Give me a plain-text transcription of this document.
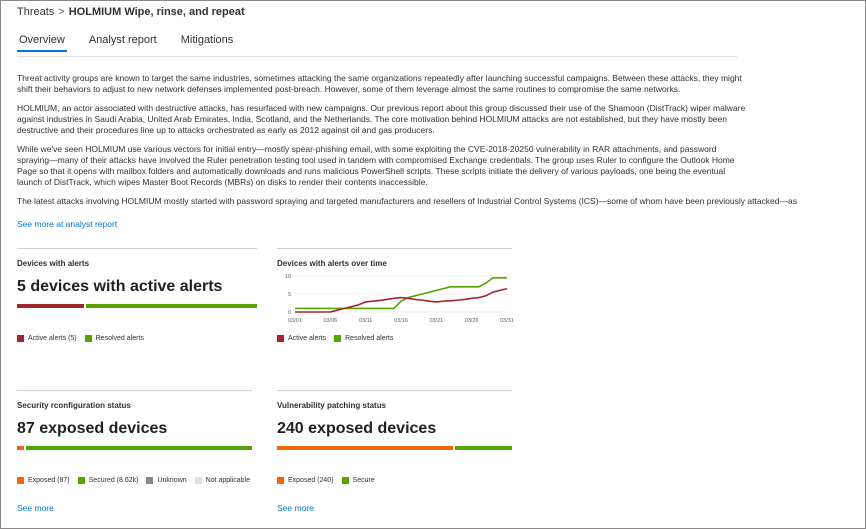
Threats > HOLMIUM Wipe, rinse, and repeat
Overview Analyst report Mitigations

Threat activity groups are known to target the same industries, sometimes attacking the same organizations repeatedly after launching successful campaigns. Between these attacks, they might shift their behaviors to adjust to new network defenses implemented post-breach. However, some of them leverage almost the same routines to compromise the same networks.

HOLMIUM, an actor associated with destructive attacks, has resurfaced with new campaigns. Our previous report about this group discussed their use of the Shamoon (DistTrack) wiper malware against industries in Saudi Arabia, United Arab Emirates, India, Scotland, and the Netherlands. The core motivation behind HOLMIUM attacks are not established, but they have mostly been destructive and their procedures line up to attacks orchestrated as early as 2012 against oil and gas producers.

While we've seen HOLMIUM use various vectors for initial entry—mostly spear-phishing email, with some exploiting the CVE-2018-20250 vulnerability in RAR attachments, and password spraying—many of their attacks have involved the Ruler penetration testing tool used in tandem with compromised Exchange credentials. The group uses Ruler to configure the Outlook Home Page so that it opens with mailbox folders and automatically downloads and runs malicious PowerShell scripts. These scripts initiate the delivery of various payloads, one being the eventual launch of DistTrack, which wipes Master Boot Records (MBRs) on disks to render their contents inaccessible.

The latest attacks involving HOLMIUM mostly started with password spraying and targeted manufacturers and resellers of Industrial Control Systems (ICS)—some of whom have been previously attacked—as

See more at analyst report
Devices with alerts
5 devices with active alerts
Active alerts (5)	Resolved alerts
Devices with alerts over time
0
5
10
03/01	03/06	03/11	03/16	03/21	03/26	03/31
Active alerts	Resolved alerts
Security rconfiguration status
87 exposed devices
Exposed (87)	Secured (8.62k)	Unknown	Not applicable
See more
Vulnerability patching status
240 exposed devices
Exposed (240)	Secure
See more
